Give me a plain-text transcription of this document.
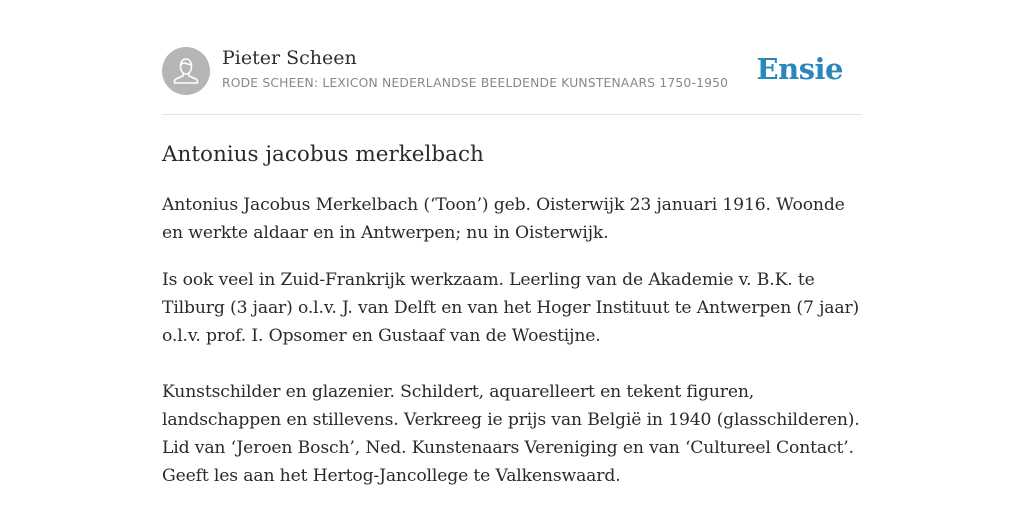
Pieter Scheen
RODE SCHEEN: LEXICON NEDERLANDSE BEELDENDE KUNSTENAARS 1750-1950 Ensie
Antonius jacobus merkelbach

Antonius Jacobus Merkelbach (‘Toon’) geb. Oisterwijk 23 januari 1916. Woonde
en werkte aldaar en in Antwerpen; nu in Oisterwijk.

Is ook veel in Zuid-Frankrijk werkzaam. Leerling van de Akademie v. B.K. te
Tilburg (3 jaar) o.l.v. J. van Delft en van het Hoger Instituut te Antwerpen (7 jaar)
o.l.v. prof. I. Opsomer en Gustaaf van de Woestijne.

Kunstschilder en glazenier. Schildert, aquarelleert en tekent figuren,
landschappen en stillevens. Verkreeg ie prijs van België in 1940 (glasschilderen).
Lid van ‘Jeroen Bosch’, Ned. Kunstenaars Vereniging en van ‘Cultureel Contact’.
Geeft les aan het Hertog-Jancollege te Valkenswaard.
